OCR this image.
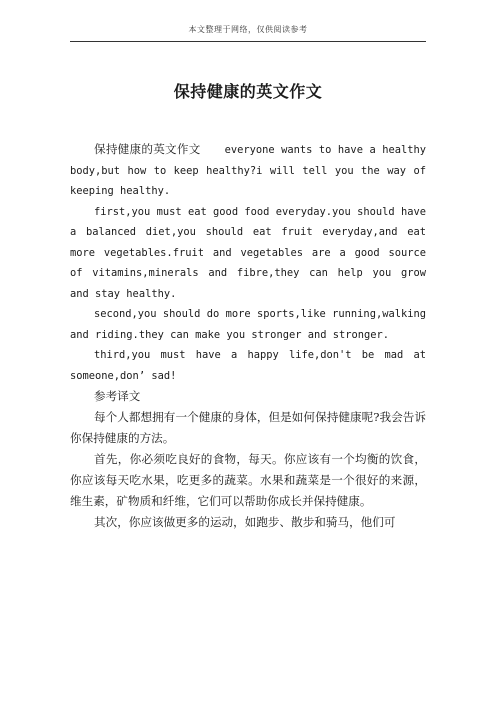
本文整理于网络，仅供阅读参考
保持健康的英文作文

保持健康的英文作文 everyone wants to have a healthy body,but how to keep healthy?i will tell you the way of keeping healthy.

first,you must eat good food everyday.you should have a balanced diet,you should eat fruit everyday,and eat more vegetables.fruit and vegetables are a good source of vitamins,minerals and fibre,they can help you grow and stay healthy.

second,you should do more sports,like running,walking and riding.they can make you stronger and stronger.

third,you must have a happy life,don't be mad at someone,don’ sad!

参考译文

每个人都想拥有一个健康的身体，但是如何保持健康呢?我会告诉你保持健康的方法。

首先，你必须吃良好的食物，每天。你应该有一个均衡的饮食，你应该每天吃水果，吃更多的蔬菜。水果和蔬菜是一个很好的来源，维生素，矿物质和纤维，它们可以帮助你成长并保持健康。

其次，你应该做更多的运动，如跑步、散步和骑马，他们可
